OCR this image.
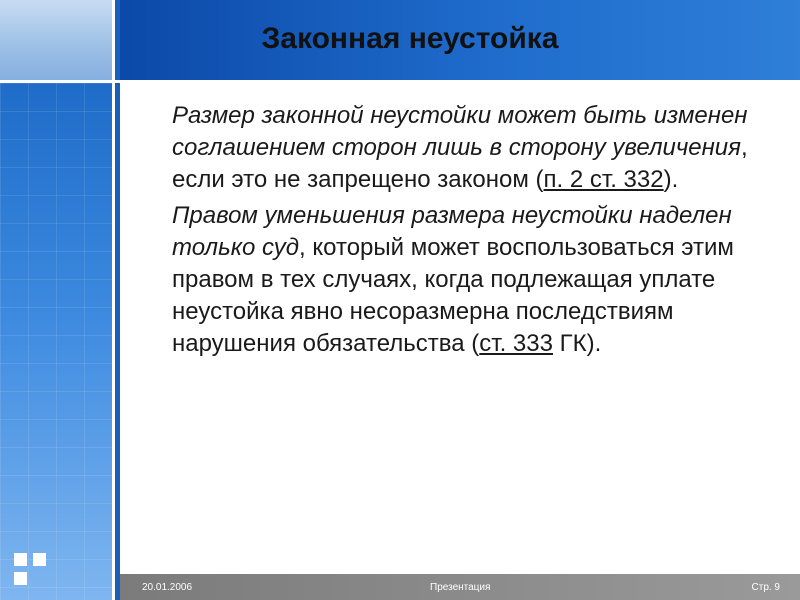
Законная неустойка

Размер законной неустойки может быть изменен соглашением сторон лишь в сторону увеличения, если это не запрещено законом (п. 2 ст. 332).

Правом уменьшения размера неустойки наделен только суд, который может воспользоваться этим правом в тех случаях, когда подлежащая уплате неустойка явно несоразмерна последствиям нарушения обязательства (ст. 333 ГК).

20.01.2006	Презентация	Стр. 9
